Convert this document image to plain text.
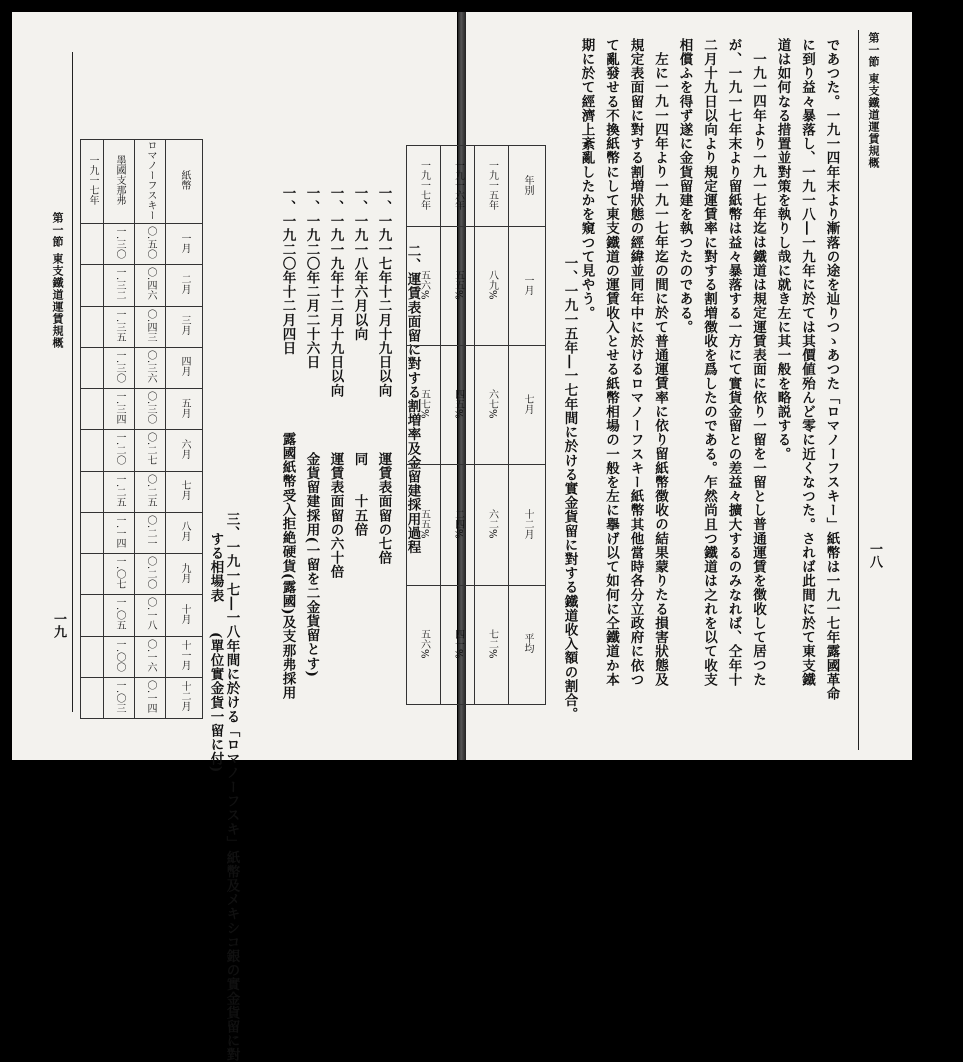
第一節 東支鐵道運賃規概
一九
一九一七年	墨國支那弗	ロマノーフスキー	紙幣
	一.三〇	〇.五〇	一月
	一.三二	〇.四六	二月
	一.三五	〇.四三	三月
	一.三〇	〇.三六	四月
	一.三四	〇.三〇	五月
	一.二〇	〇.二七	六月
	一.二五	〇.二五	七月
	一.一四	〇.二一	八月
	一.〇七	〇.二〇	九月
	一.〇五	〇.一八	十月
	一.〇〇	〇.一六	十一月
	一.〇三	〇.一四	十二月
二、運賃表面留に對する割増率及金留建採用過程
一、一九一七年十二月十九日以向
運賃表面留の七倍
一、一九一八年六月以向
同　　十五倍
一、一九一九年十二月十九日以向
運賃表面留の六十倍
一、一九二〇年二月二十六日
金貨留建採用(一留を二金貨留とす)
一、一九二〇年十二月四日
露國紙幣受入拒絶硬貨(露國)及支那弗採用
三、一九一七―一八年間に於ける「ロマノーフスキ」紙幣及メキシコ銀の實金貨留に對
する相場表
(單位實金貨一留に付)
第一節 東支鐵道運賃規概
一八
であつた。一九一四年末より漸落の途を辿りつゝあつた「ロマノーフスキー」紙幣は一九一七年露國革命
に到り益々暴落し、一九一八―一九年に於ては其價値殆んど零に近くなつた。されば此間に於て東支鐵
道は如何なる措置並對策を執りし哉に就き左に其一般を略説する。
一九一四年より一九一七年迄は鐵道は規定運賃表面に依り一留を一留とし普通運賃を徴收して居つた
が、一九一七年末より留紙幣は益々暴落する一方にて實貨金留との差益々擴大するのみなれば、仝年十
二月十九日以向より規定運賃率に對する割増徴收を爲したのである。乍然尚且つ鐵道は之れを以て收支
相償ふを得ず遂に金貨留建を執つたのである。
左に一九一四年より一九一七年迄の間に於て普通運賃率に依り留紙幣徴收の結果蒙りたる損害狀態及
規定表面留に對する割増狀態の經緯並同年中に於けるロマノーフスキー紙幣其他當時各分立政府に依つ
て亂發せる不換紙幣にして東支鐵道の運賃收入とせる紙幣相場の一般を左に擧げ以て如何に仝鐵道か本
期に於て經濟上紊亂したかを窺つて見やう。
一、一九一五年―一七年間に於ける實金貨留に對する鐵道收入額の割合。
一九一七年	一九一六年	一九一五年	年別
五六%	五五%	八九%	一月
五七%	四五%	六七%	七月
五五%	二四%	六二%	十二月
五六%	四一%	七二%	平均
